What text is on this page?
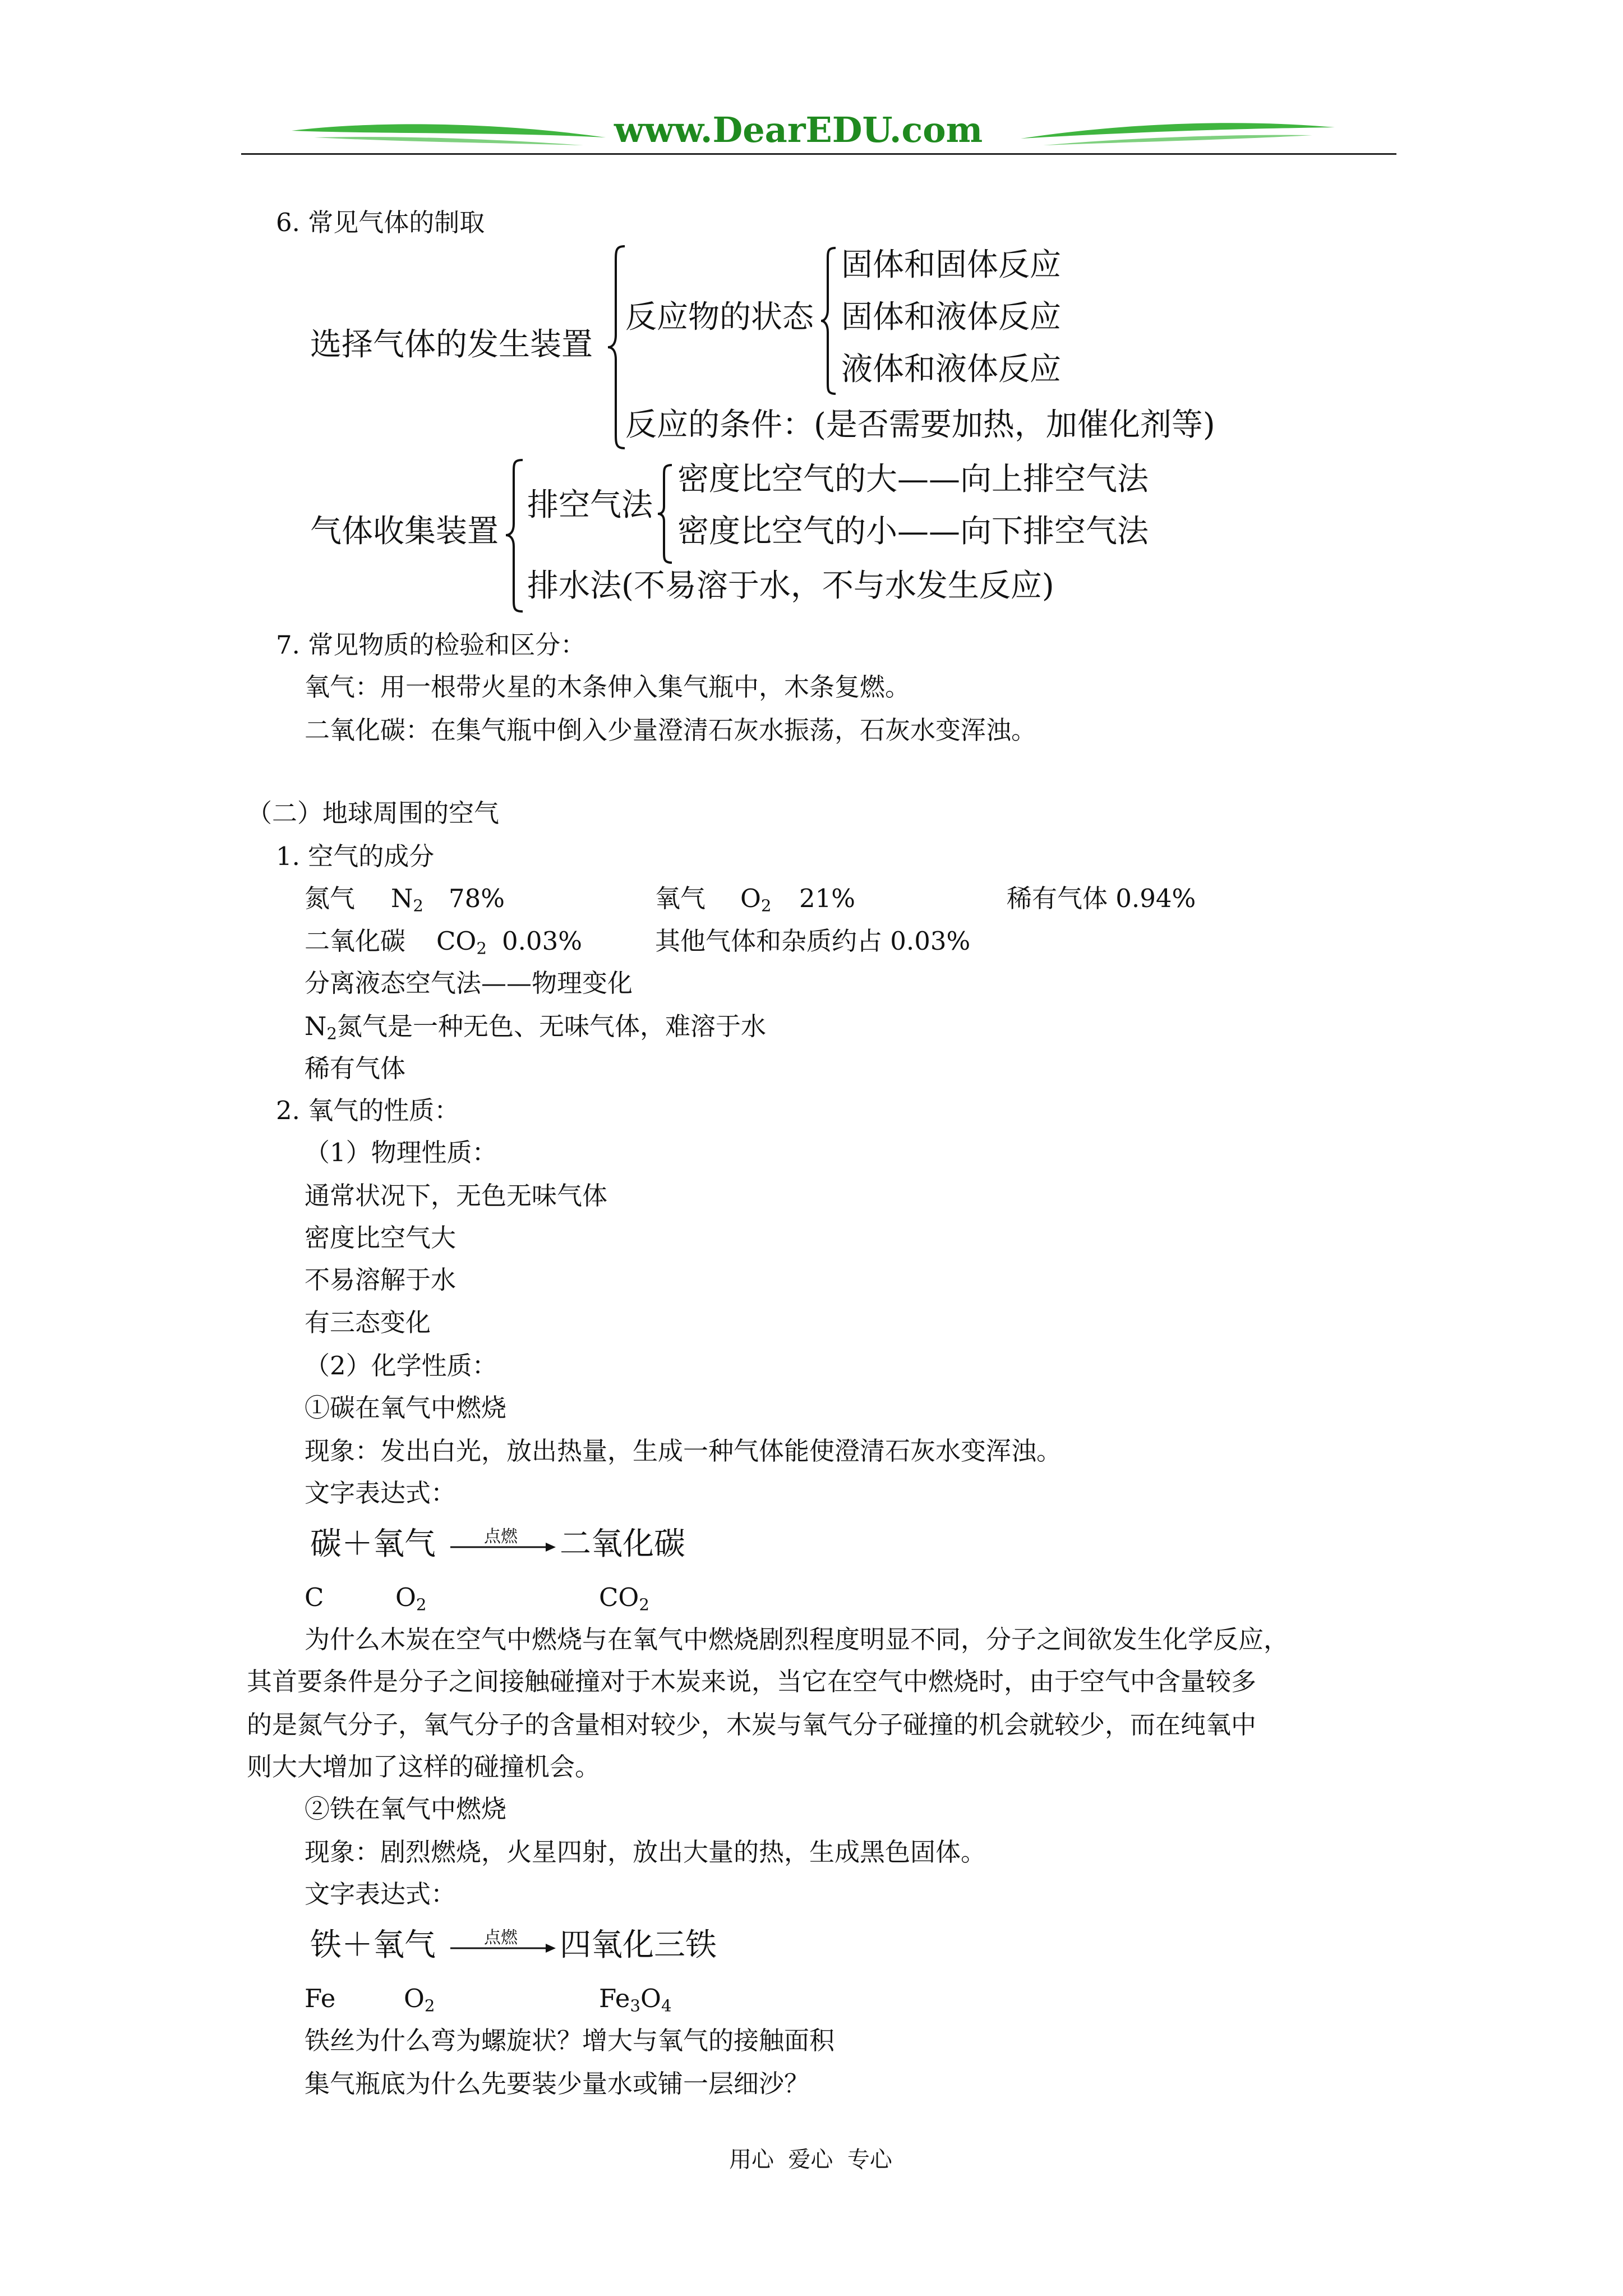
www.DearEDU.com
6. 常见气体的制取
选择气体的发生装置
反应物的状态
固体和固体反应
固体和液体反应
液体和液体反应
反应的条件：(是否需要加热，加催化剂等)
气体收集装置
排空气法
密度比空气的大——向上排空气法
密度比空气的小——向下排空气法
排水法(不易溶于水，不与水发生反应)
7. 常见物质的检验和区分：
氧气：用一根带火星的木条伸入集气瓶中，木条复燃。
二氧化碳：在集气瓶中倒入少量澄清石灰水振荡，石灰水变浑浊。
（二）地球周围的空气
1. 空气的成分
氮气 $N_2$ 78%	氧气 $O_2$ 21%	稀有气体 0.94%
二氧化碳 $CO_2$ 0.03%	其他气体和杂质约占 0.03%
分离液态空气法——物理变化
$N_2$氮气是一种无色、无味气体，难溶于水
稀有气体
2. 氧气的性质：
（1）物理性质：
通常状况下，无色无味气体
密度比空气大
不易溶解于水
有三态变化
（2）化学性质：
①碳在氧气中燃烧
现象：发出白光，放出热量，生成一种气体能使澄清石灰水变浑浊。
文字表达式：
碳＋氧气	点燃 二氧化碳
C	$O_2$	$CO_2$
为什么木炭在空气中燃烧与在氧气中燃烧剧烈程度明显不同，分子之间欲发生化学反应，
其首要条件是分子之间接触碰撞对于木炭来说，当它在空气中燃烧时，由于空气中含量较多
的是氮气分子，氧气分子的含量相对较少，木炭与氧气分子碰撞的机会就较少，而在纯氧中
则大大增加了这样的碰撞机会。
②铁在氧气中燃烧
现象：剧烈燃烧，火星四射，放出大量的热，生成黑色固体。
文字表达式：
铁＋氧气	点燃 四氧化三铁
Fe	$O_2$	$Fe_3O_4$
铁丝为什么弯为螺旋状？增大与氧气的接触面积
集气瓶底为什么先要装少量水或铺一层细沙？
用心  爱心  专心
